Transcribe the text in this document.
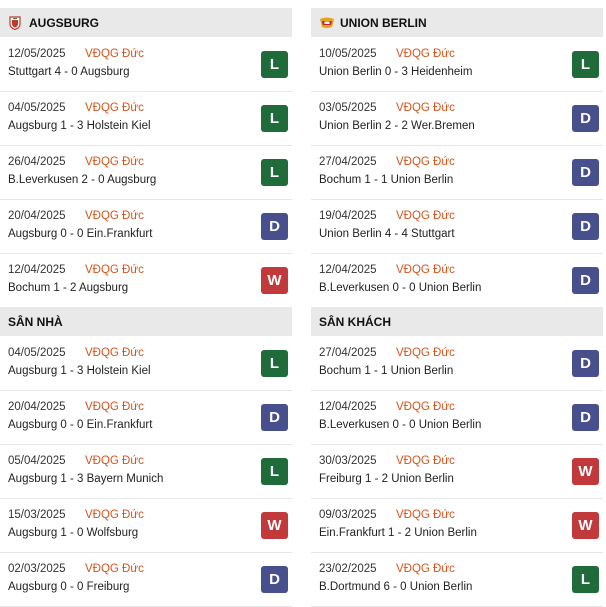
AUGSBURG
12/05/2025 VĐQG Đức
Stuttgart 4 - 0 Augsburg	L
04/05/2025 VĐQG Đức
Augsburg 1 - 3 Holstein Kiel	L
26/04/2025 VĐQG Đức
B.Leverkusen 2 - 0 Augsburg	L
20/04/2025 VĐQG Đức
Augsburg 0 - 0 Ein.Frankfurt	D
12/04/2025 VĐQG Đức
Bochum 1 - 2 Augsburg	W
SÂN NHÀ
04/05/2025 VĐQG Đức
Augsburg 1 - 3 Holstein Kiel	L
20/04/2025 VĐQG Đức
Augsburg 0 - 0 Ein.Frankfurt	D
05/04/2025 VĐQG Đức
Augsburg 1 - 3 Bayern Munich	L
15/03/2025 VĐQG Đức
Augsburg 1 - 0 Wolfsburg	W
02/03/2025 VĐQG Đức
Augsburg 0 - 0 Freiburg	D
UNION BERLIN
10/05/2025 VĐQG Đức
Union Berlin 0 - 3 Heidenheim	L
03/05/2025 VĐQG Đức
Union Berlin 2 - 2 Wer.Bremen	D
27/04/2025 VĐQG Đức
Bochum 1 - 1 Union Berlin	D
19/04/2025 VĐQG Đức
Union Berlin 4 - 4 Stuttgart	D
12/04/2025 VĐQG Đức
B.Leverkusen 0 - 0 Union Berlin	D
SÂN KHÁCH
27/04/2025 VĐQG Đức
Bochum 1 - 1 Union Berlin	D
12/04/2025 VĐQG Đức
B.Leverkusen 0 - 0 Union Berlin	D
30/03/2025 VĐQG Đức
Freiburg 1 - 2 Union Berlin	W
09/03/2025 VĐQG Đức
Ein.Frankfurt 1 - 2 Union Berlin	W
23/02/2025 VĐQG Đức
B.Dortmund 6 - 0 Union Berlin	L
